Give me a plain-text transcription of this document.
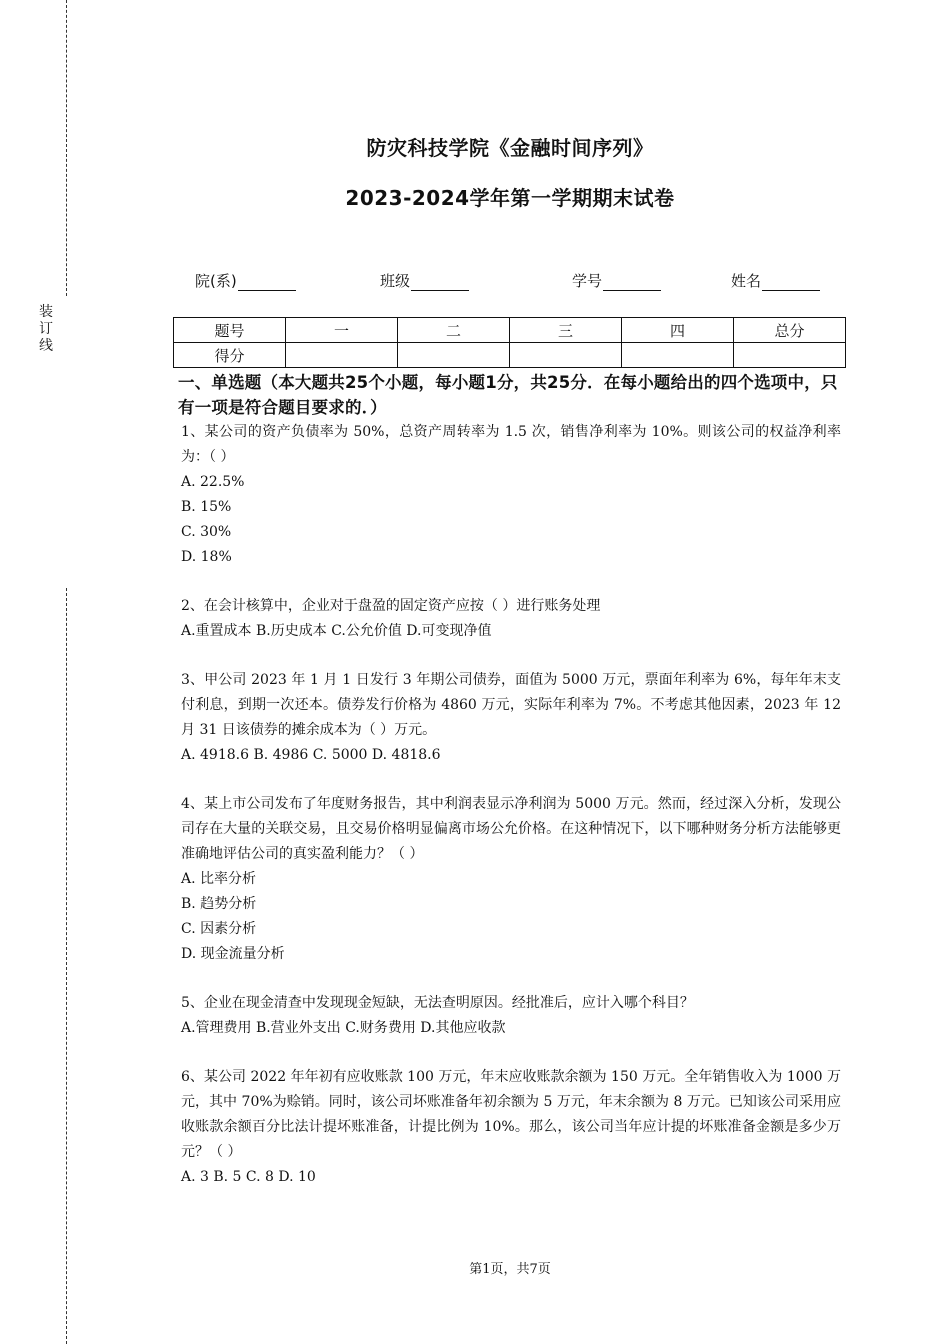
装
订
线
防灾科技学院《金融时间序列》
2023-2024学年第一学期期末试卷
院(系)	班级	学号	姓名
题号	一	二	三	四	总分
得分					
一、单选题（本大题共25个小题，每小题1分，共25分．在每小题给出的四个选项中，只有一项是符合题目要求的．）
1、某公司的资产负债率为 50%，总资产周转率为 1.5 次，销售净利率为 10%。则该公司的权益净利率为：（ ）
A. 22.5%
B. 15%
C. 30%
D. 18%
2、在会计核算中，企业对于盘盈的固定资产应按（ ）进行账务处理
A.重置成本 B.历史成本 C.公允价值 D.可变现净值
3、甲公司 2023 年 1 月 1 日发行 3 年期公司债券，面值为 5000 万元，票面年利率为 6%，每年年末支付利息，到期一次还本。债券发行价格为 4860 万元，实际年利率为 7%。不考虑其他因素，2023 年 12 月 31 日该债券的摊余成本为（ ）万元。
A. 4918.6 B. 4986 C. 5000 D. 4818.6
4、某上市公司发布了年度财务报告，其中利润表显示净利润为 5000 万元。然而，经过深入分析，发现公司存在大量的关联交易，且交易价格明显偏离市场公允价格。在这种情况下，以下哪种财务分析方法能够更准确地评估公司的真实盈利能力？（ ）
A. 比率分析
B. 趋势分析
C. 因素分析
D. 现金流量分析
5、企业在现金清查中发现现金短缺，无法查明原因。经批准后，应计入哪个科目？
A.管理费用 B.营业外支出 C.财务费用 D.其他应收款
6、某公司 2022 年年初有应收账款 100 万元，年末应收账款余额为 150 万元。全年销售收入为 1000 万元，其中 70%为赊销。同时，该公司坏账准备年初余额为 5 万元，年末余额为 8 万元。已知该公司采用应收账款余额百分比法计提坏账准备，计提比例为 10%。那么，该公司当年应计提的坏账准备金额是多少万元？（ ）
A. 3 B. 5 C. 8 D. 10
第1页，共7页
